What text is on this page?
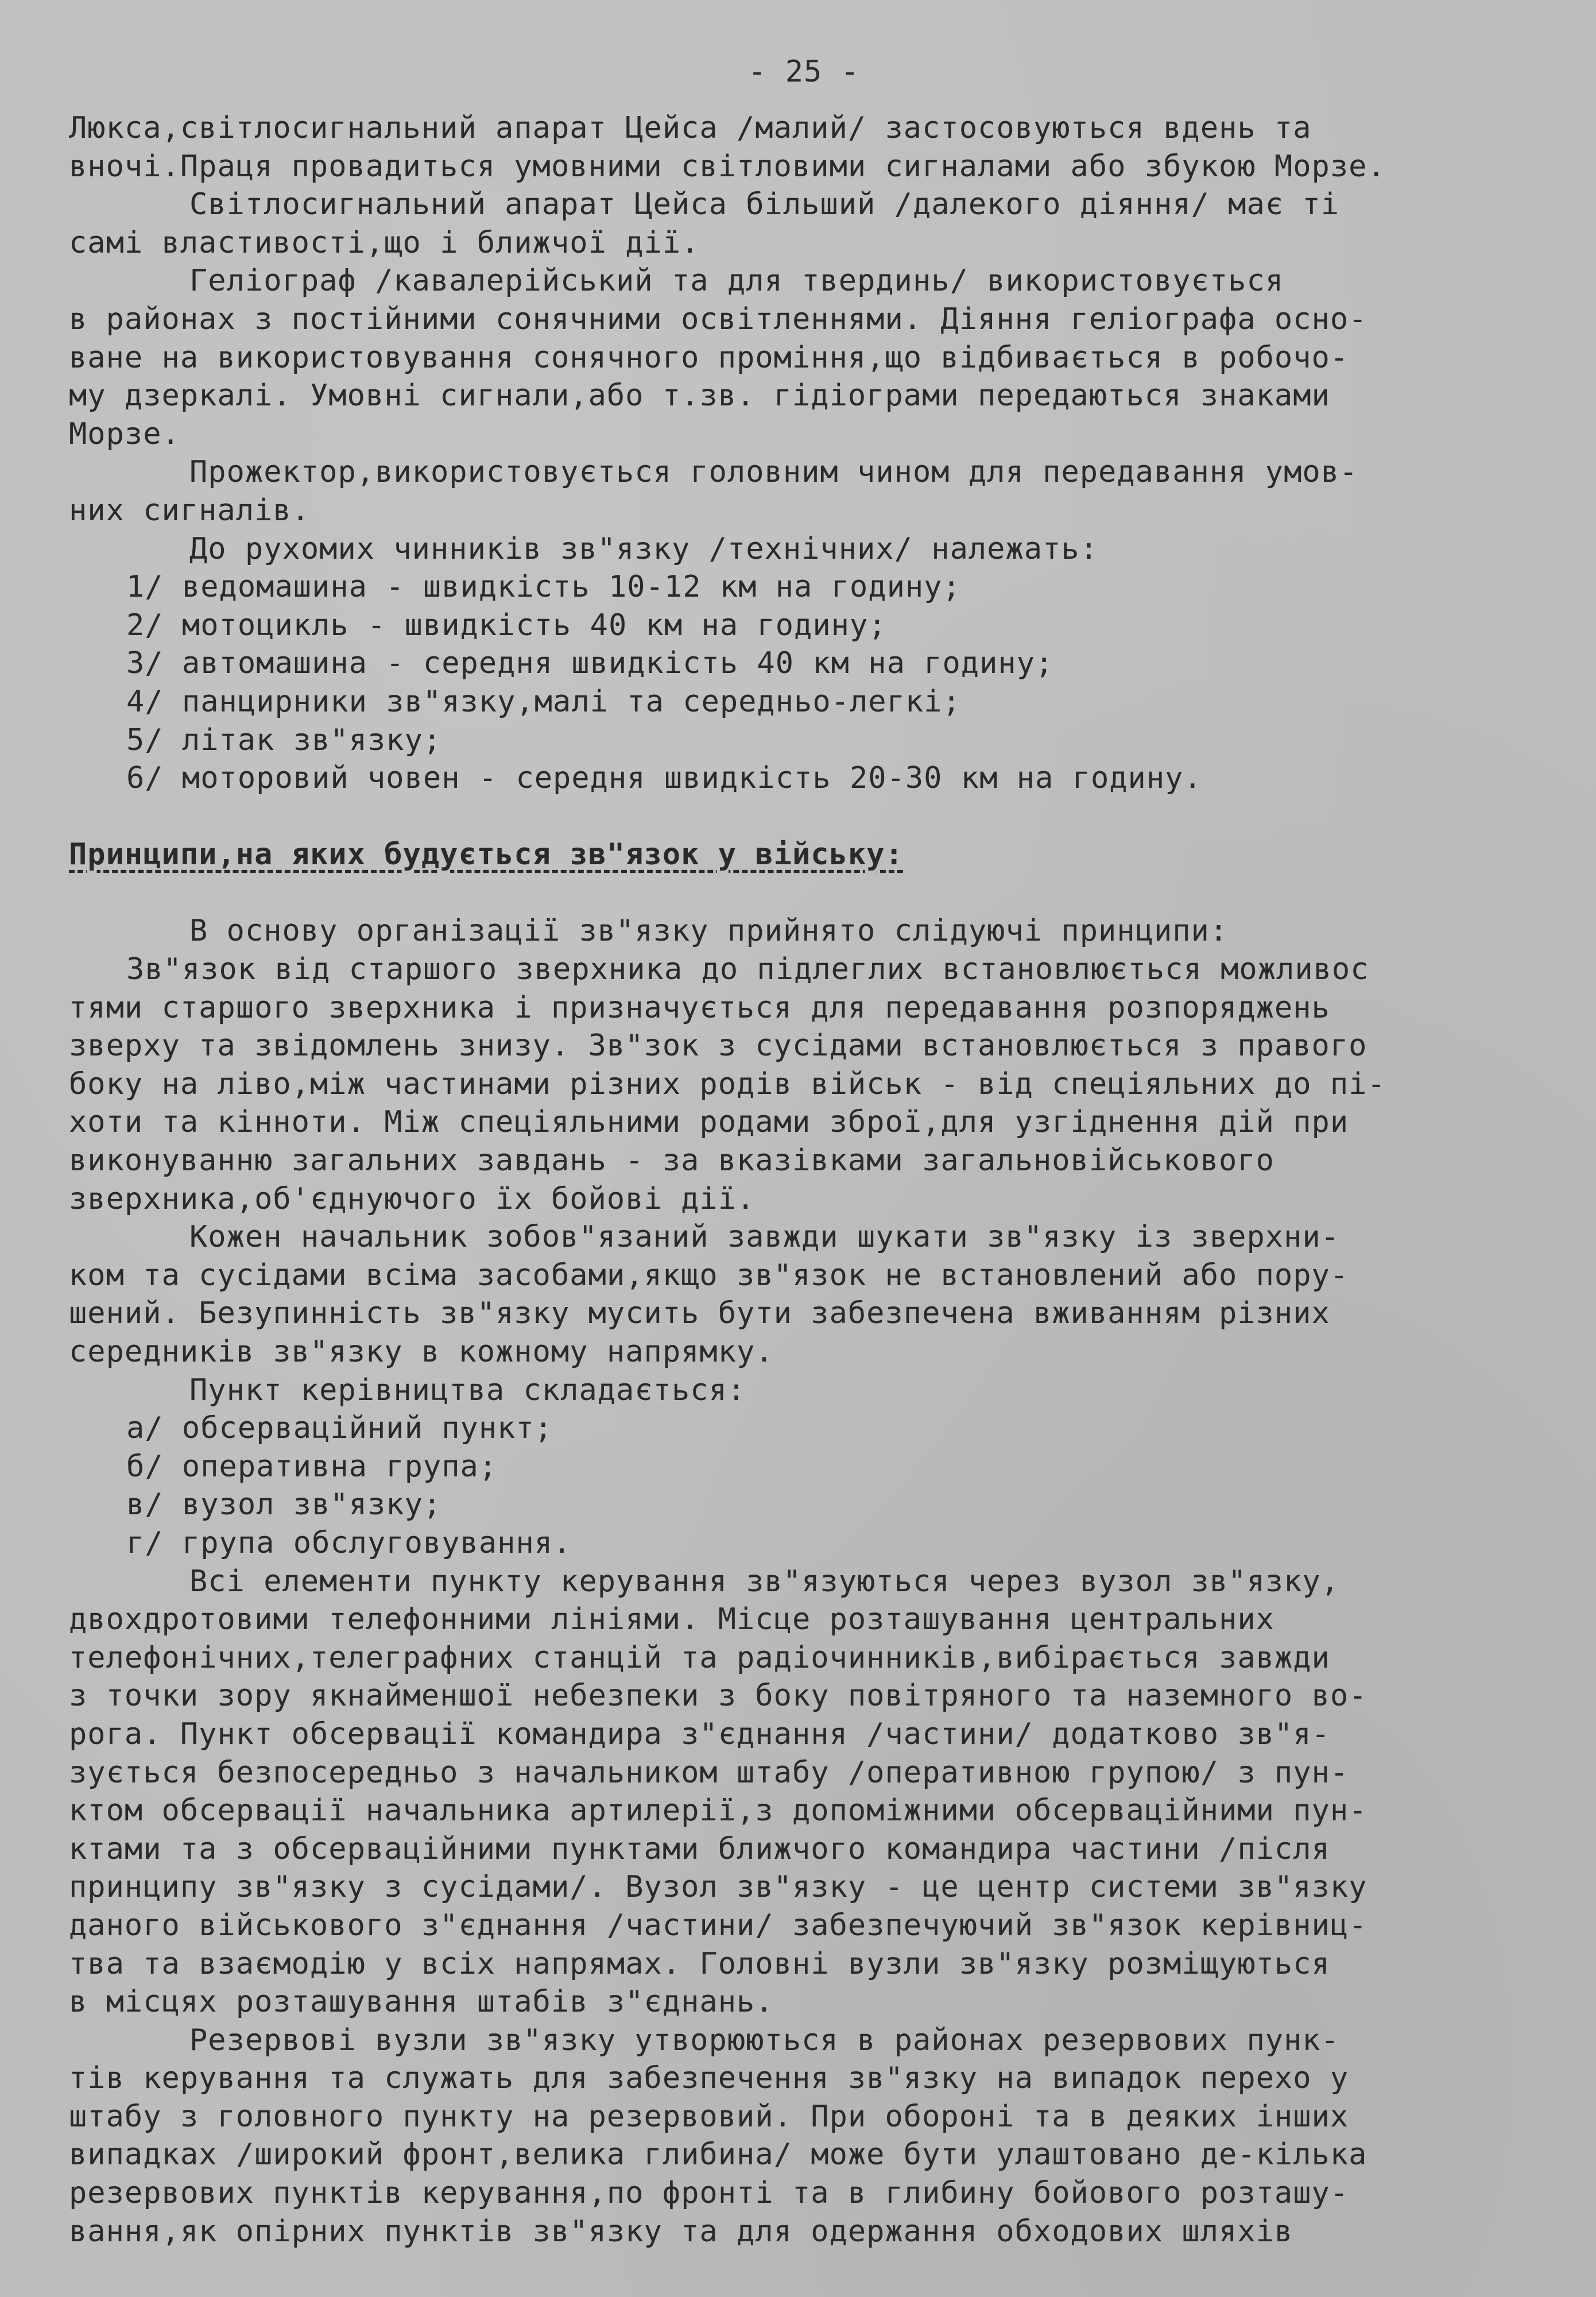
- 25 -
Люкса,світлосигнальний апарат Цейса /малий/ застосовуються вдень та
вночі.Праця провадиться умовними світловими сигналами або збукою Морзе.
Світлосигнальний апарат Цейса більший /далекого діяння/ має ті
самі властивості,що і ближчої дії.
Геліограф /кавалерійський та для твердинь/ використовується
в районах з постійними сонячними освітленнями. Діяння геліографа осно-
ване на використовування сонячного проміння,що відбивається в робочо-
му дзеркалі. Умовні сигнали,або т.зв. гідіограми передаються знаками
Морзе.
Прожектор,використовується головним чином для передавання умов-
них сигналів.
До рухомих чинників зв"язку /технічних/ належать:
1/ ведомашина - швидкість 10-12 км на годину;
2/ мотоцикль - швидкість 40 км на годину;
3/ автомашина - середня швидкість 40 км на годину;
4/ панцирники зв"язку,малі та середньо-легкі;
5/ літак зв"язку;
6/ моторовий човен - середня швидкість 20-30 км на годину.
Принципи,на яких будується зв"язок у війську:
В основу організації зв"язку прийнято слідуючі принципи:
Зв"язок від старшого зверхника до підлеглих встановлюється можливос
тями старшого зверхника і призначується для передавання розпоряджень
зверху та звідомлень знизу. Зв"зок з сусідами встановлюється з правого
боку на ліво,між частинами різних родів військ - від спеціяльних до пі-
хоти та кінноти. Між спеціяльними родами зброї,для узгіднення дій при
виконуванню загальних завдань - за вказівками загальновійськового
зверхника,об'єднуючого їх бойові дії.
Кожен начальник зобов"язаний завжди шукати зв"язку із зверхни-
ком та сусідами всіма засобами,якщо зв"язок не встановлений або пору-
шений. Безупинність зв"язку мусить бути забезпечена вживанням різних
середників зв"язку в кожному напрямку.
Пункт керівництва складається:
а/ обсерваційний пункт;
б/ оперативна група;
в/ вузол зв"язку;
г/ група обслуговування.
Всі елементи пункту керування зв"язуються через вузол зв"язку,
двохдротовими телефонними лініями. Місце розташування центральних
телефонічних,телеграфних станцій та радіочинників,вибірається завжди
з точки зору якнайменшої небезпеки з боку повітряного та наземного во-
рога. Пункт обсервації командира з"єднання /частини/ додатково зв"я-
зується безпосередньо з начальником штабу /оперативною групою/ з пун-
ктом обсервації начальника артилерії,з допоміжними обсерваційними пун-
ктами та з обсерваційними пунктами ближчого командира частини /після
принципу зв"язку з сусідами/. Вузол зв"язку - це центр системи зв"язку
даного військового з"єднання /частини/ забезпечуючий зв"язок керівниц-
тва та взаємодію у всіх напрямах. Головні вузли зв"язку розміщуються
в місцях розташування штабів з"єднань.
Резервові вузли зв"язку утворюються в районах резервових пунк-
тів керування та служать для забезпечення зв"язку на випадок перехо у
штабу з головного пункту на резервовий. При обороні та в деяких інших
випадках /широкий фронт,велика глибина/ може бути улаштовано де-кілька
резервових пунктів керування,по фронті та в глибину бойового розташу-
вання,як опірних пунктів зв"язку та для одержання обходових шляхів
